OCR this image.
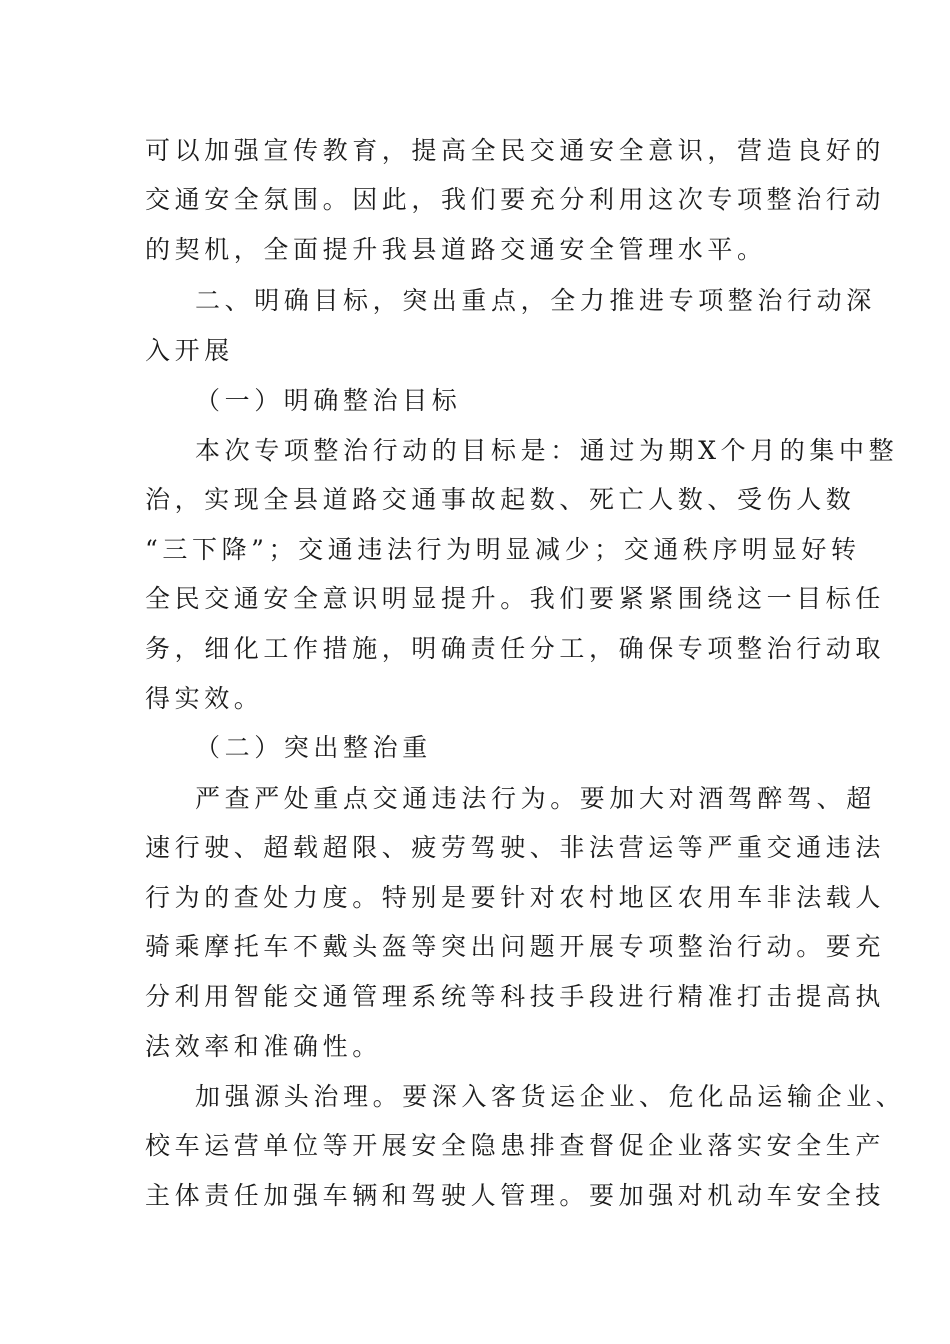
可以加强宣传教育，提高全民交通安全意识，营造良好的
交通安全氛围。因此，我们要充分利用这次专项整治行动
的契机，全面提升我县道路交通安全管理水平。
二、明确目标，突出重点，全力推进专项整治行动深
入开展
（一）明确整治目标
本次专项整治行动的目标是：通过为期X个月的集中整
治，实现全县道路交通事故起数、死亡人数、受伤人数
“三下降”；交通违法行为明显减少；交通秩序明显好转
全民交通安全意识明显提升。我们要紧紧围绕这一目标任
务，细化工作措施，明确责任分工，确保专项整治行动取
得实效。
（二）突出整治重
严查严处重点交通违法行为。要加大对酒驾醉驾、超
速行驶、超载超限、疲劳驾驶、非法营运等严重交通违法
行为的查处力度。特别是要针对农村地区农用车非法载人
骑乘摩托车不戴头盔等突出问题开展专项整治行动。要充
分利用智能交通管理系统等科技手段进行精准打击提高执
法效率和准确性。
加强源头治理。要深入客货运企业、危化品运输企业、
校车运营单位等开展安全隐患排查督促企业落实安全生产
主体责任加强车辆和驾驶人管理。要加强对机动车安全技
